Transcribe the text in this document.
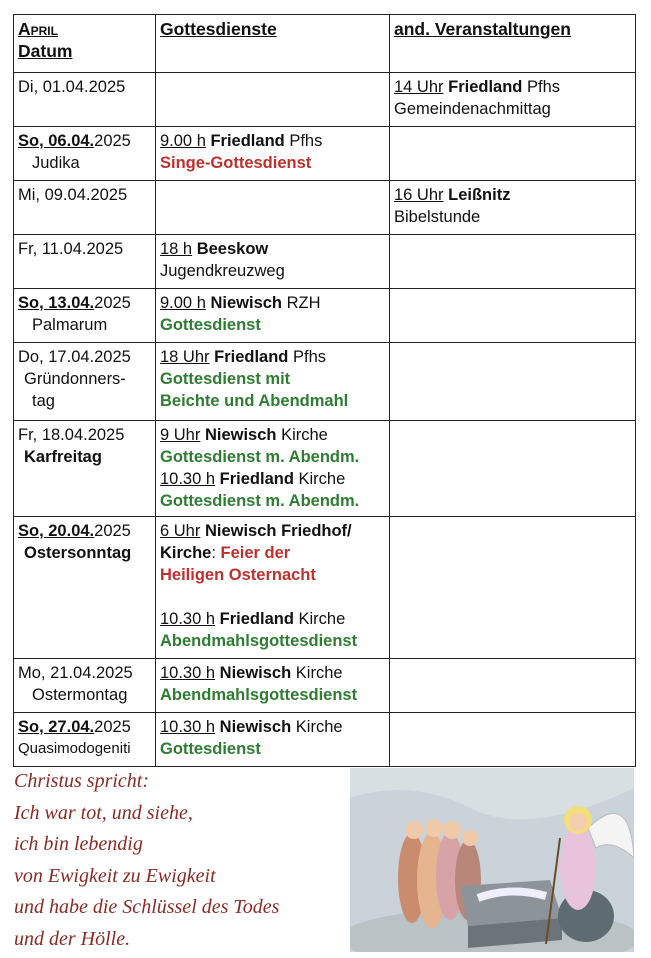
April
Datum	Gottesdienste	and. Veranstaltungen

Di, 01.04.2025		14 Uhr Friedland Pfhs
Gemeindenachmittag

So, 06.04.2025
Judika	9.00 h Friedland Pfhs
Singe-Gottesdienst	

Mi, 09.04.2025		16 Uhr Leißnitz
Bibelstunde

Fr, 11.04.2025	18 h Beeskow
Jugendkreuzweg	

So, 13.04.2025
Palmarum	9.00 h Niewisch RZH
Gottesdienst	

Do, 17.04.2025
Gründonners-
tag	18 Uhr Friedland Pfhs
Gottesdienst mit
Beichte und Abendmahl	

Fr, 18.04.2025
Karfreitag	9 Uhr Niewisch Kirche
Gottesdienst m. Abendm.
10.30 h Friedland Kirche
Gottesdienst m. Abendm.	

So, 20.04.2025
Ostersonntag	6 Uhr Niewisch Friedhof/
Kirche: Feier der
Heiligen Osternacht
10.30 h Friedland Kirche
Abendmahlsgottesdienst	

Mo, 21.04.2025
Ostermontag	10.30 h Niewisch Kirche
Abendmahlsgottesdienst	

So, 27.04.2025
Quasimodogeniti	10.30 h Niewisch Kirche
Gottesdienst	

Christus spricht:
Ich war tot, und siehe,
ich bin lebendig
von Ewigkeit zu Ewigkeit
und habe die Schlüssel des Todes
und der Hölle.
